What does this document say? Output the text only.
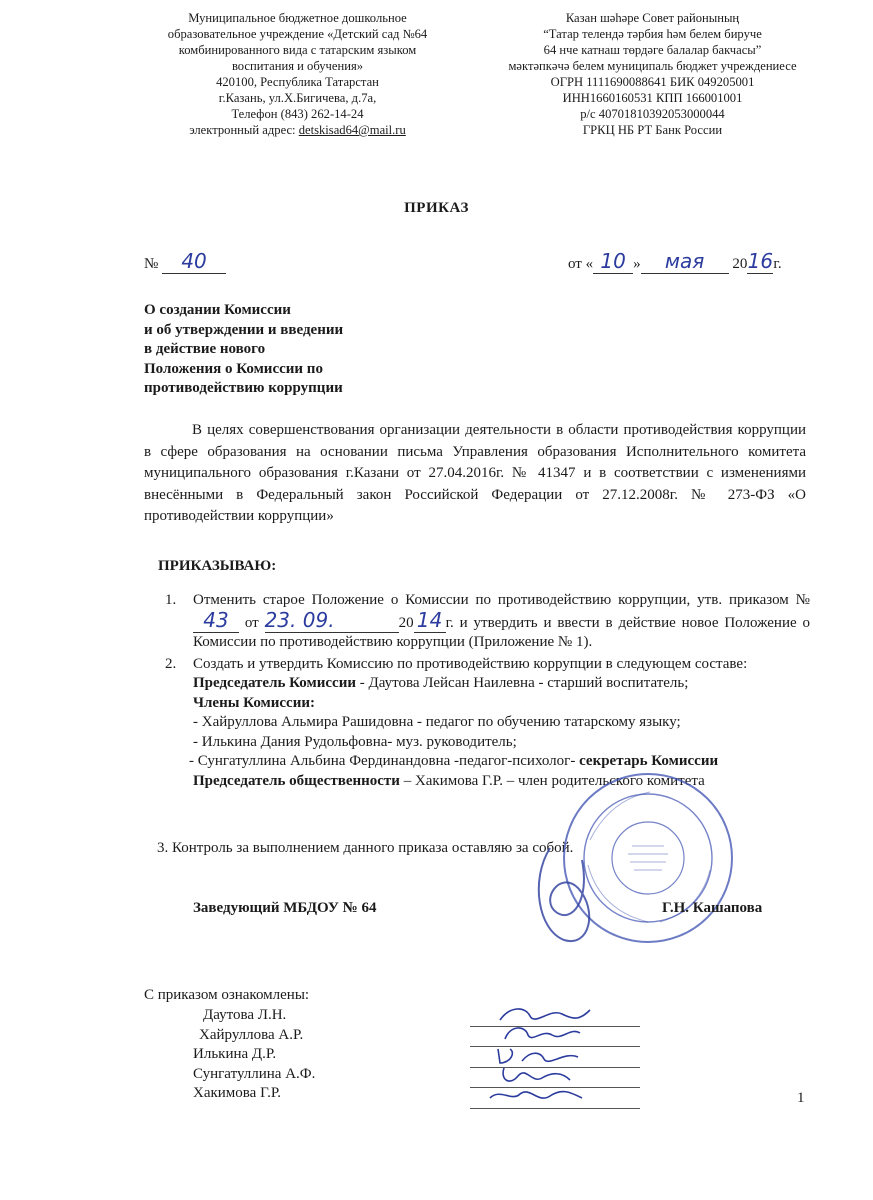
Муниципальное бюджетное дошкольное
образовательное учреждение «Детский сад №64
комбинированного вида с татарским языком
воспитания и обучения»
420100, Республика Татарстан
г.Казань, ул.Х.Бигичева, д.7а,
Телефон (843) 262-14-24
электронный адрес: detskisad64@mail.ru
Казан шәһәре Совет районының
“Татар телендә тәрбия һәм белем бируче
64 нче катнаш төрдәге балалар бакчасы”
мәктәпкәчә белем муниципаль бюджет учреждениесе
ОГРН 1111690088641 БИК 049205001
ИНН1660160531 КПП 166001001
р/с 40701810392053000044
ГРКЦ НБ РТ Банк России
ПРИКАЗ
№ 40	от « 10 » мая 2016г.
О создании Комиссии
и об утверждении и введении
в действие нового
Положения о Комиссии по
противодействию коррупции
В целях совершенствования организации деятельности в области противодействия коррупции в сфере образования на основании письма Управления образования Исполнительного комитета муниципального образования г.Казани от 27.04.2016г. № 41347 и в соответствии с изменениями внесёнными в Федеральный закон Российской Федерации от 27.12.2008г. № 273-ФЗ «О противодействии коррупции»
ПРИКАЗЫВАЮ:
1. Отменить старое Положение о Комиссии по противодействию коррупции, утв. приказом №43 от 23. 09.	20 14 г. и утвердить и ввести в действие новое Положение о Комиссии по противодействию коррупции (Приложение № 1).

2. Создать и утвердить Комиссию по противодействию коррупции в следующем составе:

Председатель Комиссии - Даутова Лейсан Наилевна - старший воспитатель;
Члены Комиссии:
- Хайруллова Альмира Рашидовна - педагог по обучению татарскому языку;
- Илькина Дания Рудольфовна- муз. руководитель;
- Сунгатуллина Альбина Фердинандовна -педагог-психолог- секретарь Комиссии
Председатель общественности – Хакимова Г.Р. – член родительского комитета
3. Контроль за выполнением данного приказа оставляю за собой.
Заведующий МБДОУ № 64	Г.Н. Кашапова
С приказом ознакомлены:
Даутова Л.Н.
Хайруллова А.Р.
Илькина Д.Р.
Сунгатуллина А.Ф.
Хакимова Г.Р.	1
